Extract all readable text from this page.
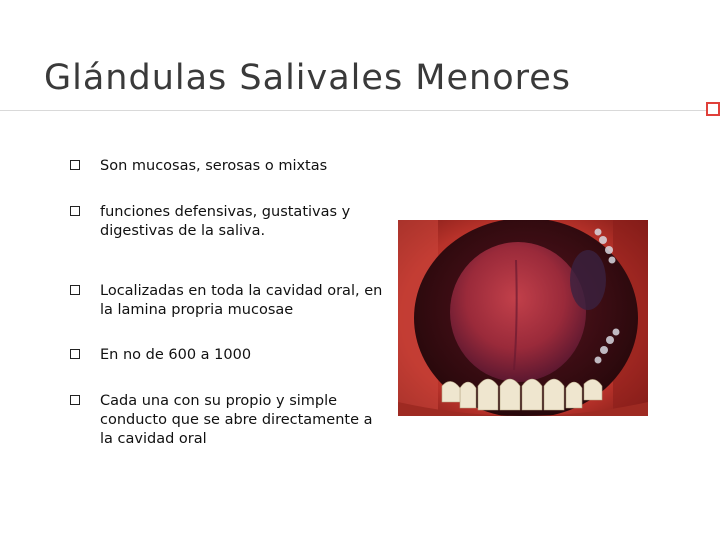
Glándulas Salivales Menores
Son mucosas, serosas o mixtas
funciones defensivas, gustativas y digestivas de la saliva.
Localizadas en toda la cavidad oral, en la lamina propria mucosae
En no de 600 a 1000
Cada una con su propio y simple conducto que se abre directamente a la cavidad oral
